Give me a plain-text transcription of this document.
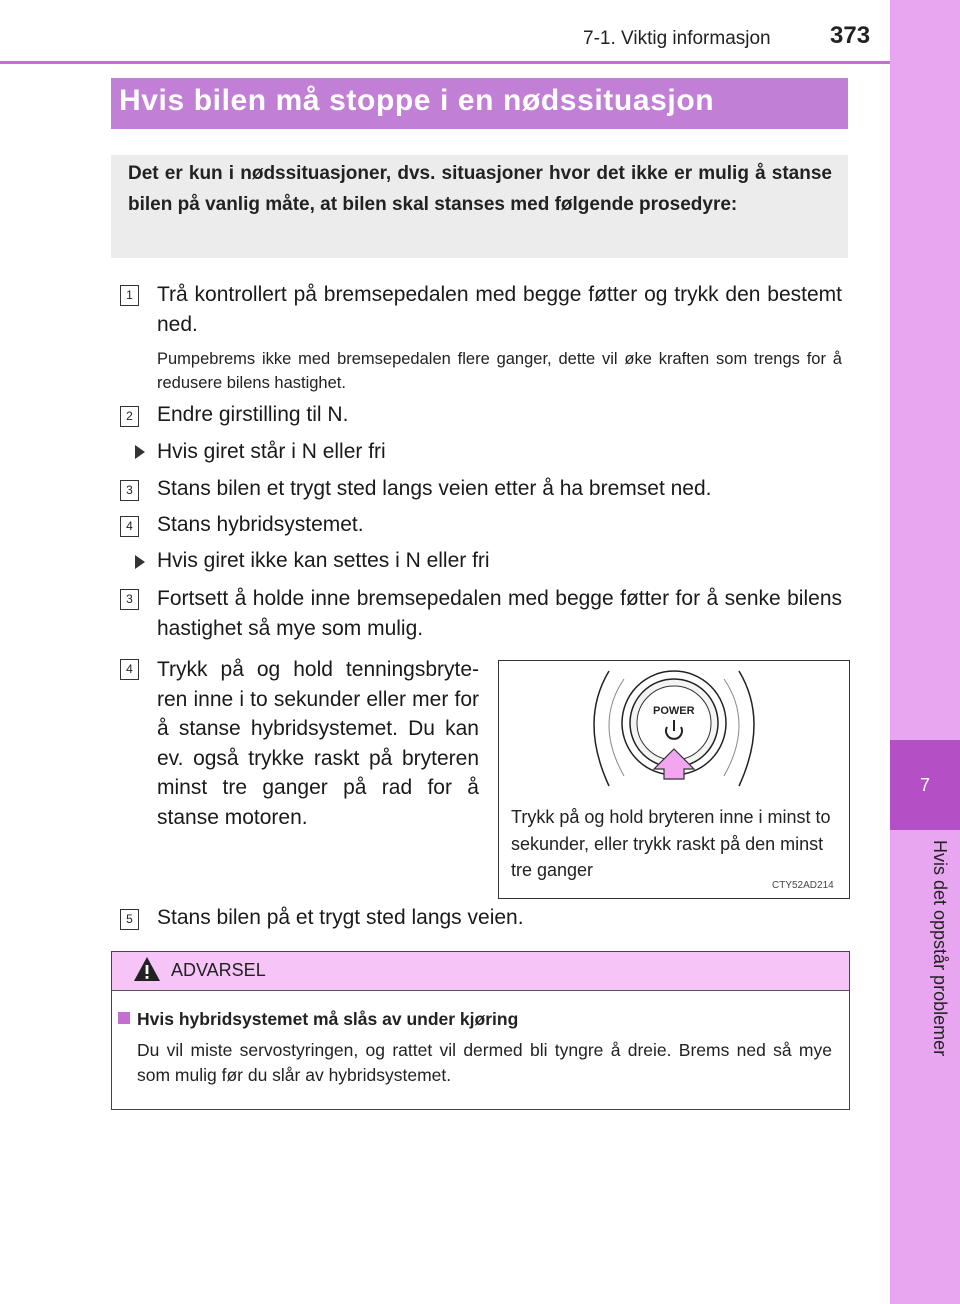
7
Hvis det oppstår problemer
7-1. Viktig informasjon 373
Hvis bilen må stoppe i en nødssituasjon
Det er kun i nødssituasjoner, dvs. situasjoner hvor det ikke er mulig å stanse bilen på vanlig måte, at bilen skal stanses med følgende prosedyre:
1 Trå kontrollert på bremsepedalen med begge føtter og trykk den bestemt ned.
Pumpebrems ikke med bremsepedalen flere ganger, dette vil øke kraften som trengs for å redusere bilens hastighet.
2 Endre girstilling til N.
Hvis giret står i N eller fri
3 Stans bilen et trygt sted langs veien etter å ha bremset ned.
4 Stans hybridsystemet.
Hvis giret ikke kan settes i N eller fri
3 Fortsett å holde inne bremsepedalen med begge føtter for å senke bilens hastighet så mye som mulig.
4 Trykk på og hold tenningsbryte-ren inne i to sekunder eller mer for å stanse hybridsystemet. Du kan ev. også trykke raskt på bryteren minst tre ganger på rad for å stanse motoren.
POWER
Trykk på og hold bryteren inne i minst to sekunder, eller trykk raskt på den minst tre ganger
CTY52AD214
5 Stans bilen på et trygt sted langs veien.
ADVARSEL
Hvis hybridsystemet må slås av under kjøring
Du vil miste servostyringen, og rattet vil dermed bli tyngre å dreie. Brems ned så mye som mulig før du slår av hybridsystemet.
